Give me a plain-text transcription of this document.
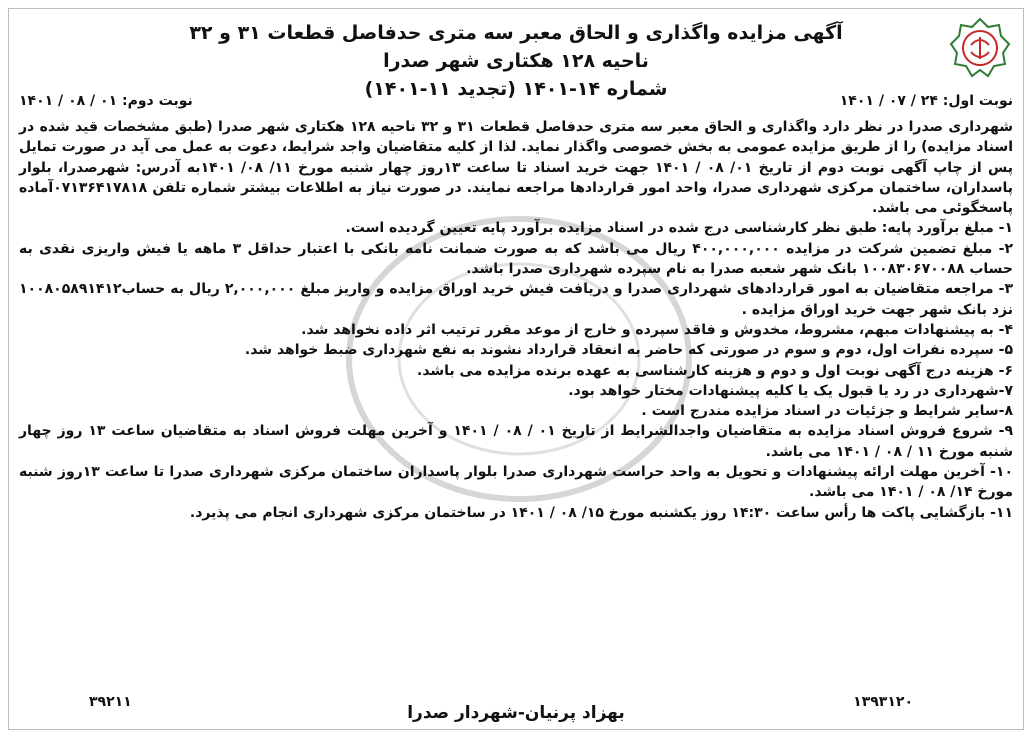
آگهی مزایده واگذاری و الحاق معبر سه متری حدفاصل قطعات ۳۱ و ۳۲ ناحیه ۱۲۸ هکتاری شهر صدرا
شماره ۱۴-۱۴۰۱ (تجدید ۱۱-۱۴۰۱)
نوبت اول: ۲۴ / ۰۷ / ۱۴۰۱
نوبت دوم: ۰۱ / ۰۸ / ۱۴۰۱

شهرداری صدرا در نظر دارد واگذاری و الحاق معبر سه متری حدفاصل قطعات ۳۱ و ۳۲ ناحیه ۱۲۸ هکتاری شهر صدرا (طبق مشخصات قید شده در اسناد مزایده) را از طریق مزایده عمومی به بخش خصوصی واگذار نماید. لذا از کلیه متقاضیان واجد شرایط، دعوت به عمل می آید در صورت تمایل پس از چاپ آگهی نوبت دوم از تاریخ ۰۱/ ۰۸ / ۱۴۰۱ جهت خرید اسناد تا ساعت ۱۳روز چهار شنبه مورخ ۱۱/ ۰۸/ ۱۴۰۱به آدرس: شهرصدرا، بلوار پاسداران، ساختمان مرکزی شهرداری صدرا، واحد امور قراردادها مراجعه نمایند. در صورت نیاز به اطلاعات بیشتر شماره تلفن ۰۷۱۳۶۴۱۷۸۱۸آماده پاسخگوئی می باشد.

۱- مبلغ برآورد پایه: طبق نظر کارشناسی درج شده در اسناد مزایده برآورد پایه تعیین گردیده است.

۲- مبلغ تضمین شرکت در مزایده ۴۰۰,۰۰۰,۰۰۰ ریال می باشد که به صورت ضمانت نامه بانکی با اعتبار حداقل ۳ ماهه یا فیش واریزی نقدی به حساب ۱۰۰۸۳۰۶۷۰۰۸۸ بانک شهر شعبه صدرا به نام سپرده شهرداری صدرا باشد.

۳- مراجعه متقاضیان به امور قراردادهای شهرداری صدرا و دریافت فیش خرید اوراق مزایده و واریز مبلغ ۲,۰۰۰,۰۰۰ ریال به حساب۱۰۰۸۰۵۸۹۱۴۱۲ نزد بانک شهر جهت خرید اوراق مزایده .

۴- به پیشنهادات مبهم، مشروط، مخدوش و فاقد سپرده و خارج از موعد مقرر ترتیب اثر داده نخواهد شد.

۵- سپرده نفرات اول، دوم و سوم در صورتی که حاضر به انعقاد قرارداد نشوند به نفع شهرداری ضبط خواهد شد.

۶- هزینه درج آگهی نوبت اول و دوم و هزینه کارشناسی به عهده برنده مزایده می باشد.

۷-شهرداری در رد یا قبول یک یا کلیه پیشنهادات مختار خواهد بود.

۸-سایر شرایط و جزئیات در اسناد مزایده مندرج است .

۹- شروع فروش اسناد مزایده به متقاضیان واجدالشرایط از تاریخ ۰۱ / ۰۸ / ۱۴۰۱ و آخرین مهلت فروش اسناد به متقاضیان ساعت ۱۳ روز چهار شنبه مورخ ۱۱ / ۰۸ / ۱۴۰۱ می باشد.

۱۰- آخرین مهلت ارائه پیشنهادات و تحویل به واحد حراست شهرداری صدرا بلوار پاسداران ساختمان مرکزی شهرداری صدرا تا ساعت ۱۳روز شنبه مورخ ۱۴/ ۰۸ / ۱۴۰۱ می باشد.

۱۱- بازگشایی پاکت ها رأس ساعت ۱۴:۳۰ روز یکشنبه مورخ ۱۵/ ۰۸ / ۱۴۰۱ در ساختمان مرکزی شهرداری انجام می پذیرد.

۱۳۹۳۱۲۰
۳۹۲۱۱
بهزاد پرنیان-شهردار صدرا
